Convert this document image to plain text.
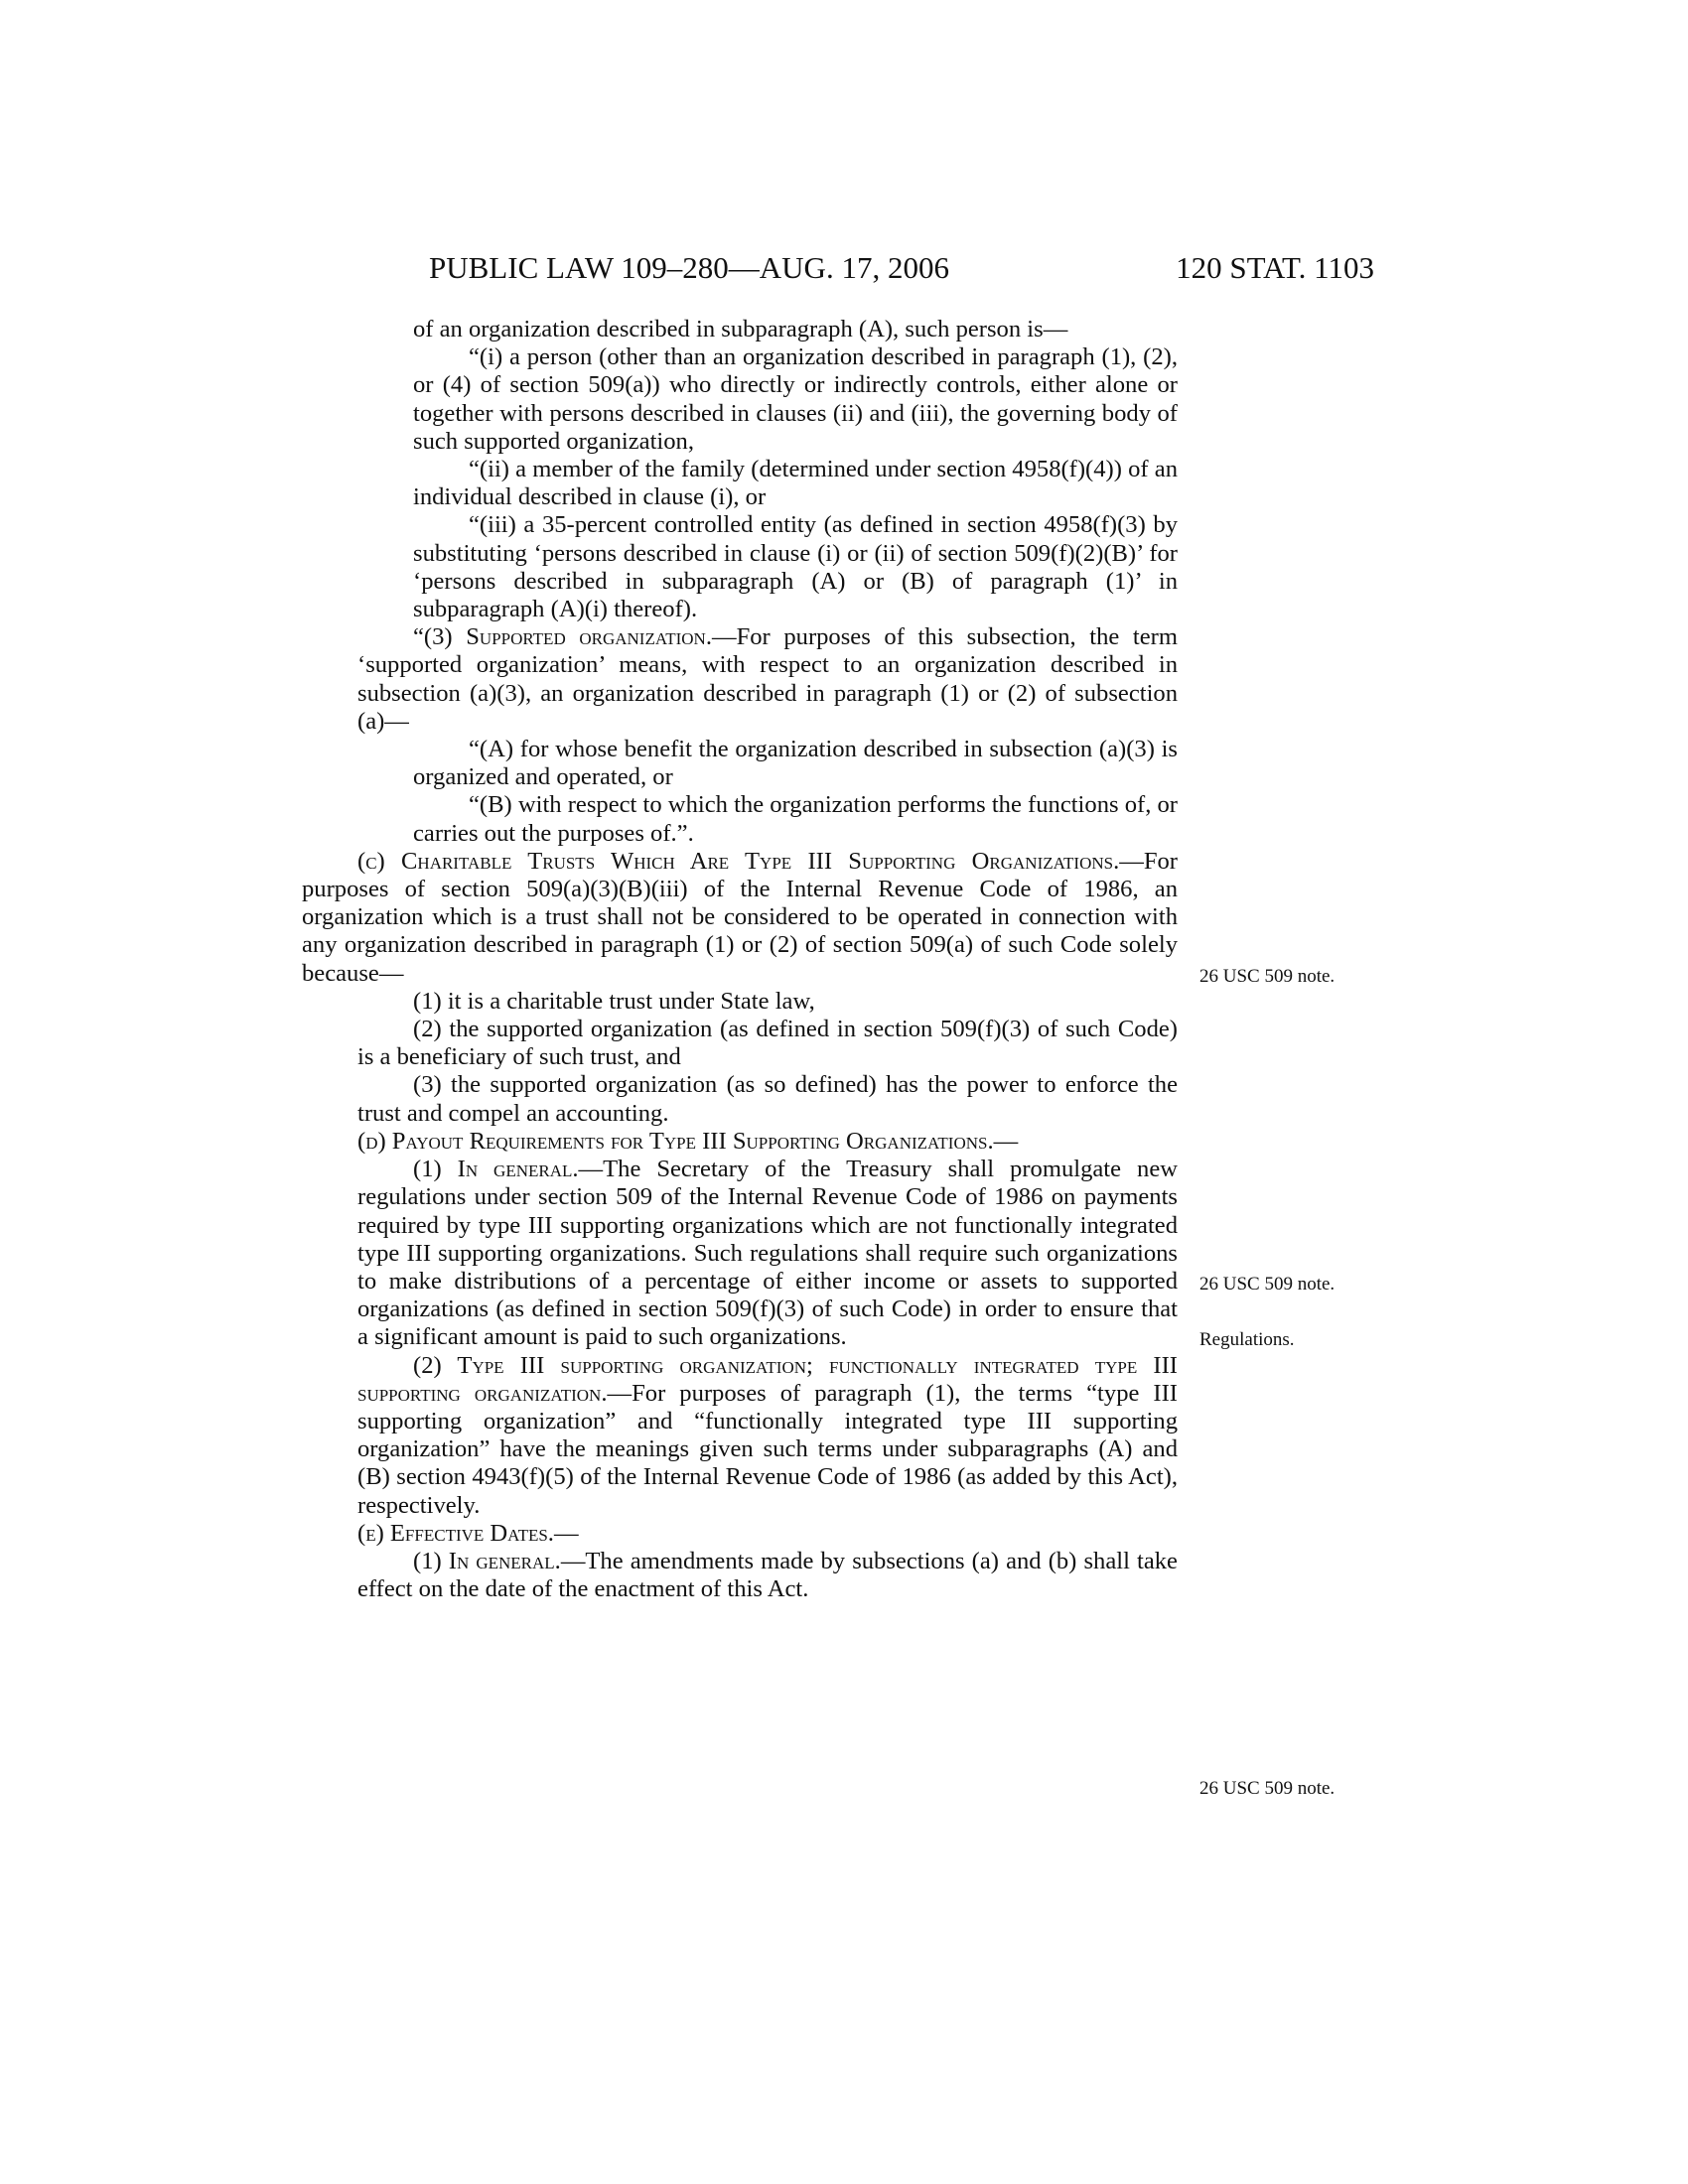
PUBLIC LAW 109–280—AUG. 17, 2006	120 STAT. 1103

of an organization described in subparagraph (A), such person is—

“(i) a person (other than an organization described in paragraph (1), (2), or (4) of section 509(a)) who directly or indirectly controls, either alone or together with persons described in clauses (ii) and (iii), the governing body of such supported organization,

“(ii) a member of the family (determined under section 4958(f)(4)) of an individual described in clause (i), or

“(iii) a 35-percent controlled entity (as defined in section 4958(f)(3) by substituting ‘persons described in clause (i) or (ii) of section 509(f)(2)(B)’ for ‘persons described in subparagraph (A) or (B) of paragraph (1)’ in subparagraph (A)(i) thereof).

“(3) Supported organization.—For purposes of this subsection, the term ‘supported organization’ means, with respect to an organization described in subsection (a)(3), an organization described in paragraph (1) or (2) of subsection (a)—

“(A) for whose benefit the organization described in subsection (a)(3) is organized and operated, or

“(B) with respect to which the organization performs the functions of, or carries out the purposes of.”.

(c) Charitable Trusts Which Are Type III Supporting Organizations.—For purposes of section 509(a)(3)(B)(iii) of the Internal Revenue Code of 1986, an organization which is a trust shall not be considered to be operated in connection with any organization described in paragraph (1) or (2) of section 509(a) of such Code solely because—

(1) it is a charitable trust under State law,

(2) the supported organization (as defined in section 509(f)(3) of such Code) is a beneficiary of such trust, and

(3) the supported organization (as so defined) has the power to enforce the trust and compel an accounting.

(d) Payout Requirements for Type III Supporting Organizations.—

(1) In general.—The Secretary of the Treasury shall promulgate new regulations under section 509 of the Internal Revenue Code of 1986 on payments required by type III supporting organizations which are not functionally integrated type III supporting organizations. Such regulations shall require such organizations to make distributions of a percentage of either income or assets to supported organizations (as defined in section 509(f)(3) of such Code) in order to ensure that a significant amount is paid to such organizations.

(2) Type III supporting organization; functionally integrated type III supporting organization.—For purposes of paragraph (1), the terms “type III supporting organization” and “functionally integrated type III supporting organization” have the meanings given such terms under subparagraphs (A) and (B) section 4943(f)(5) of the Internal Revenue Code of 1986 (as added by this Act), respectively.

(e) Effective Dates.—

(1) In general.—The amendments made by subsections (a) and (b) shall take effect on the date of the enactment of this Act.

26 USC 509 note.
26 USC 509 note.
Regulations.
26 USC 509 note.
